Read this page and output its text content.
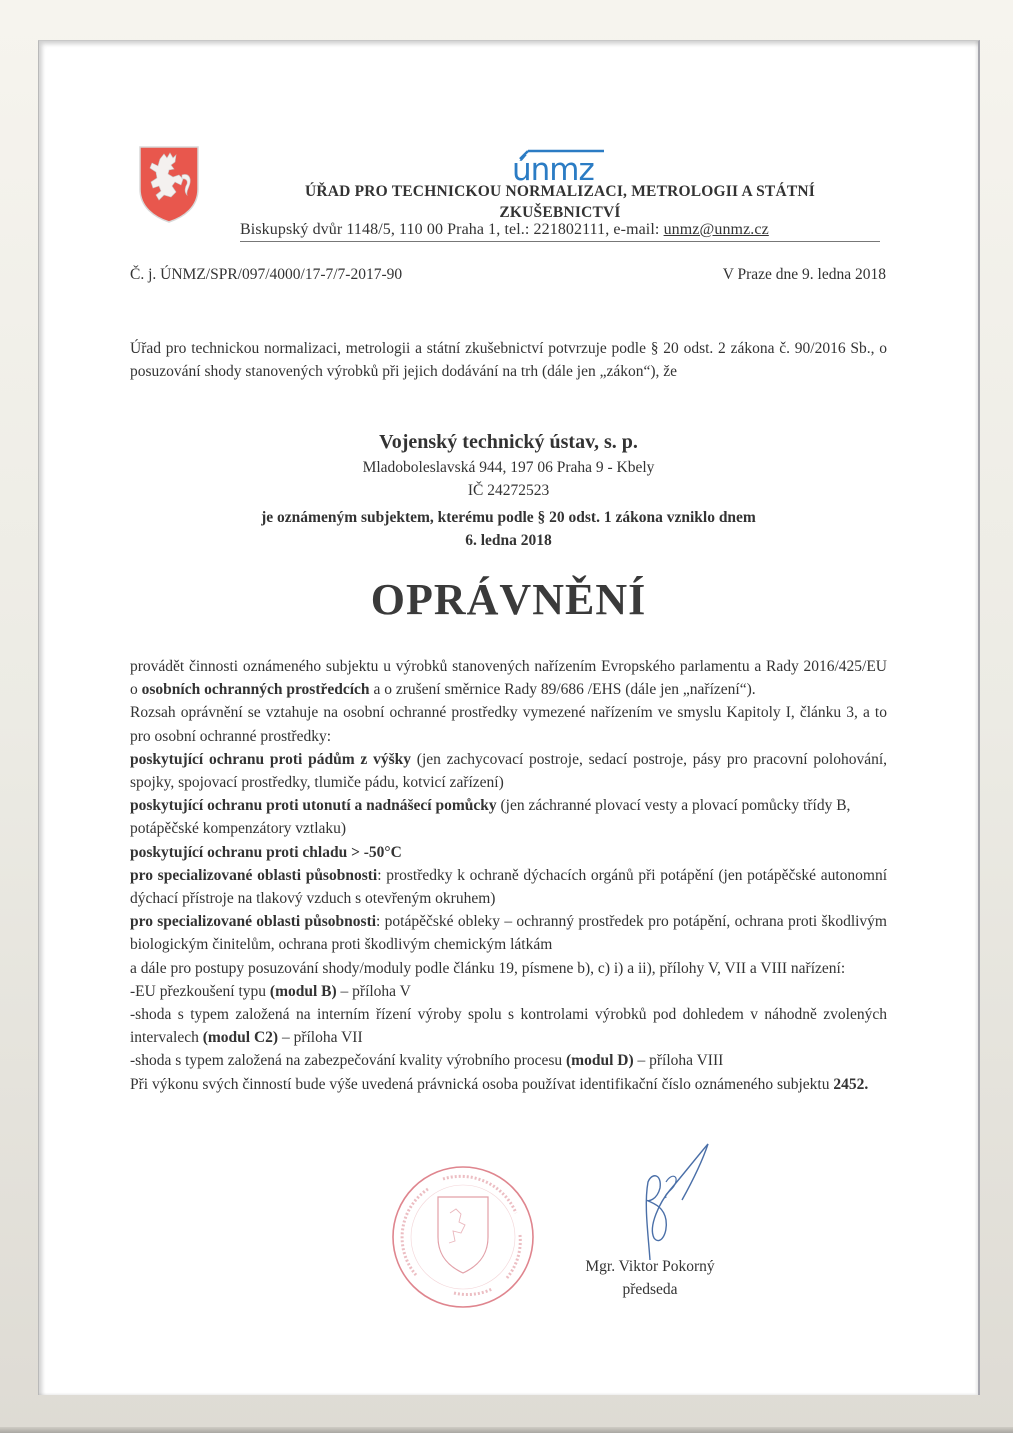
únmz
ÚŘAD PRO TECHNICKOU NORMALIZACI, METROLOGII A STÁTNÍ
ZKUŠEBNICTVÍ
Biskupský dvůr 1148/5, 110 00 Praha 1, tel.: 221802111, e-mail: unmz@unmz.cz
Č. j. ÚNMZ/SPR/097/4000/17-7/7-2017-90	V Praze dne 9. ledna 2018
Úřad pro technickou normalizaci, metrologii a státní zkušebnictví potvrzuje podle § 20 odst. 2 zákona č. 90/2016 Sb., o posuzování shody stanovených výrobků při jejich dodávání na trh (dále jen „zákon“), že
Vojenský technický ústav, s. p.
Mladoboleslavská 944, 197 06 Praha 9 - Kbely
IČ 24272523
je oznámeným subjektem, kterému podle § 20 odst. 1 zákona vzniklo dnem
6. ledna 2018
OPRÁVNĚNÍ

provádět činnosti oznámeného subjektu u výrobků stanovených nařízením Evropského parlamentu a Rady 2016/425/EU o osobních ochranných prostředcích a o zrušení směrnice Rady 89/686 /EHS (dále jen „nařízení“).

Rozsah oprávnění se vztahuje na osobní ochranné prostředky vymezené nařízením ve smyslu Kapitoly I, článku 3, a to pro osobní ochranné prostředky:

poskytující ochranu proti pádům z výšky (jen zachycovací postroje, sedací postroje, pásy pro pracovní polohování, spojky, spojovací prostředky, tlumiče pádu, kotvicí zařízení)

poskytující ochranu proti utonutí a nadnášecí pomůcky (jen záchranné plovací vesty a plovací pomůcky třídy B, potápěčské kompenzátory vztlaku)

poskytující ochranu proti chladu > -50°C

pro specializované oblasti působnosti: prostředky k ochraně dýchacích orgánů při potápění (jen potápěčské autonomní dýchací přístroje na tlakový vzduch s otevřeným okruhem)

pro specializované oblasti působnosti: potápěčské obleky – ochranný prostředek pro potápění, ochrana proti škodlivým biologickým činitelům, ochrana proti škodlivým chemickým látkám

a dále pro postupy posuzování shody/moduly podle článku 19, písmene b), c) i) a ii), přílohy V, VII a VIII nařízení:

-EU přezkoušení typu (modul B) – příloha V

-shoda s typem založená na interním řízení výroby spolu s kontrolami výrobků pod dohledem v náhodně zvolených intervalech (modul C2) – příloha VII

-shoda s typem založená na zabezpečování kvality výrobního procesu (modul D) – příloha VIII

Při výkonu svých činností bude výše uvedená právnická osoba používat identifikační číslo oznámeného subjektu 2452.

Mgr. Viktor Pokorný
předseda
